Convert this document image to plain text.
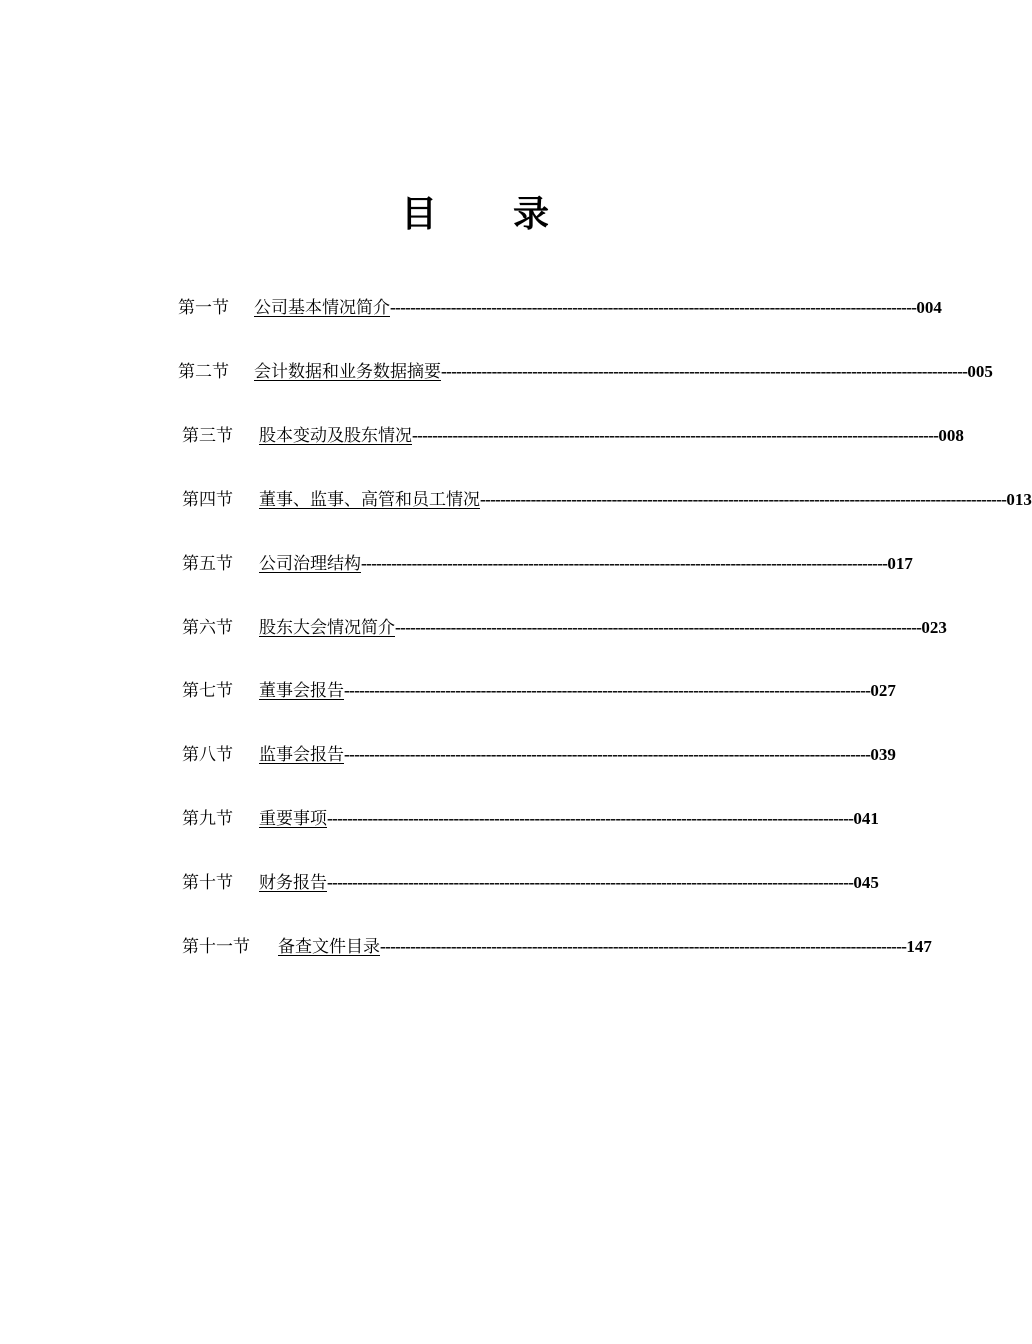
目 录
第一节	公司基本情况简介 -------------------------------------------------------------------------------------------------------- 004
第二节	会计数据和业务数据摘要 -------------------------------------------------------------------------------------------------------- 005
第三节	股本变动及股东情况 -------------------------------------------------------------------------------------------------------- 008
第四节	董事、监事、高管和员工情况 -------------------------------------------------------------------------------------------------------- 013
第五节	公司治理结构 -------------------------------------------------------------------------------------------------------- 017
第六节	股东大会情况简介 -------------------------------------------------------------------------------------------------------- 023
第七节	董事会报告 -------------------------------------------------------------------------------------------------------- 027
第八节	监事会报告 -------------------------------------------------------------------------------------------------------- 039
第九节	重要事项 -------------------------------------------------------------------------------------------------------- 041
第十节	财务报告 -------------------------------------------------------------------------------------------------------- 045
第十一节	备查文件目录 -------------------------------------------------------------------------------------------------------- 147
